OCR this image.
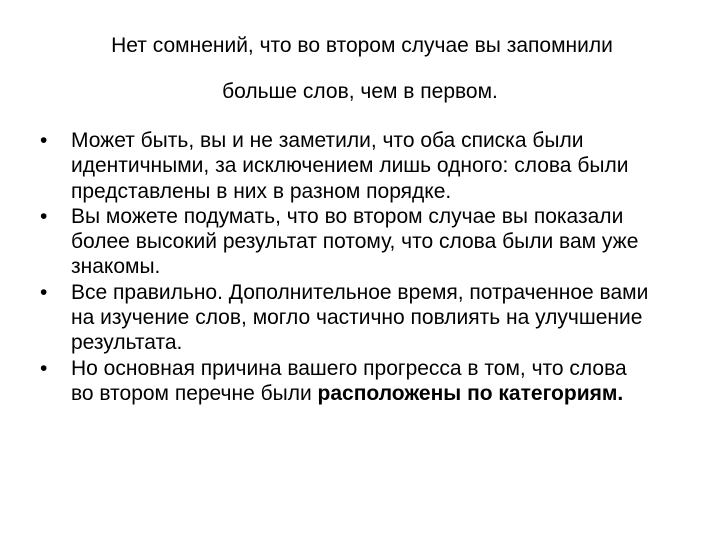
Нет сомнений, что во втором случае вы запомнили
больше слов, чем в первом.
•	Может быть, вы и не заметили, что оба списка были идентичными, за исключением лишь одного: слова были представлены в них в разном порядке.
•	Вы можете подумать, что во втором случае вы показали более высокий результат потому, что слова были вам уже знакомы.
•	Все правильно. Дополнительное время, потраченное вами на изучение слов, могло частично повлиять на улучшение результата.
•	Но основная причина вашего прогресса в том, что слова во втором перечне были расположены по категориям.
